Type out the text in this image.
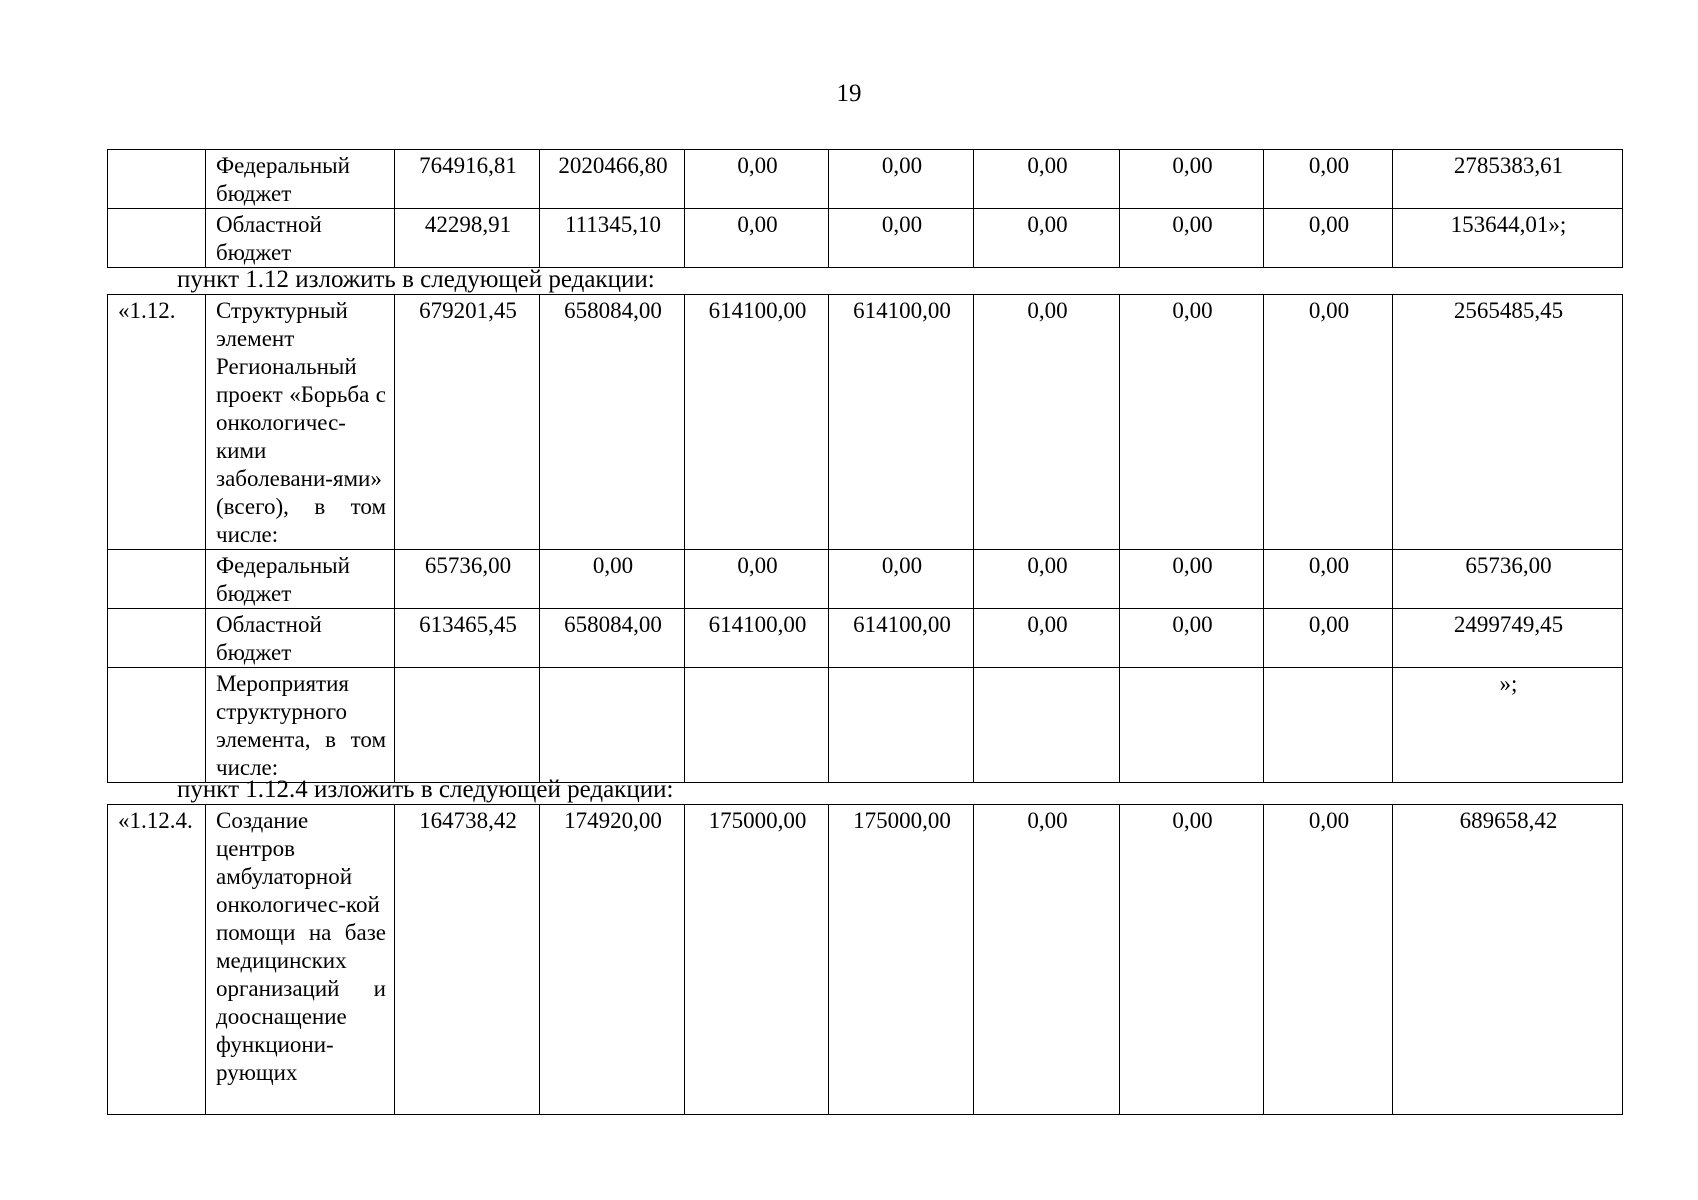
19
	Федеральный бюджет	764916,81	2020466,80	0,00	0,00	0,00	0,00	0,00	2785383,61
	Областной бюджет	42298,91	111345,10	0,00	0,00	0,00	0,00	0,00	153644,01»;
пункт 1.12 изложить в следующей редакции:
«1.12.	Структурный элемент Региональный проект «Борьба с онкологичес-кими заболевани-ями» (всего), в том числе:	679201,45	658084,00	614100,00	614100,00	0,00	0,00	0,00	2565485,45
	Федеральный бюджет	65736,00	0,00	0,00	0,00	0,00	0,00	0,00	65736,00
	Областной бюджет	613465,45	658084,00	614100,00	614100,00	0,00	0,00	0,00	2499749,45
	Мероприятия структурного элемента, в том числе:								»;
пункт 1.12.4 изложить в следующей редакции:
«1.12.4.	Создание центров амбулаторной онкологичес-кой помощи на базе медицинских организаций и дооснащение функциони-рующих	164738,42	174920,00	175000,00	175000,00	0,00	0,00	0,00	689658,42
